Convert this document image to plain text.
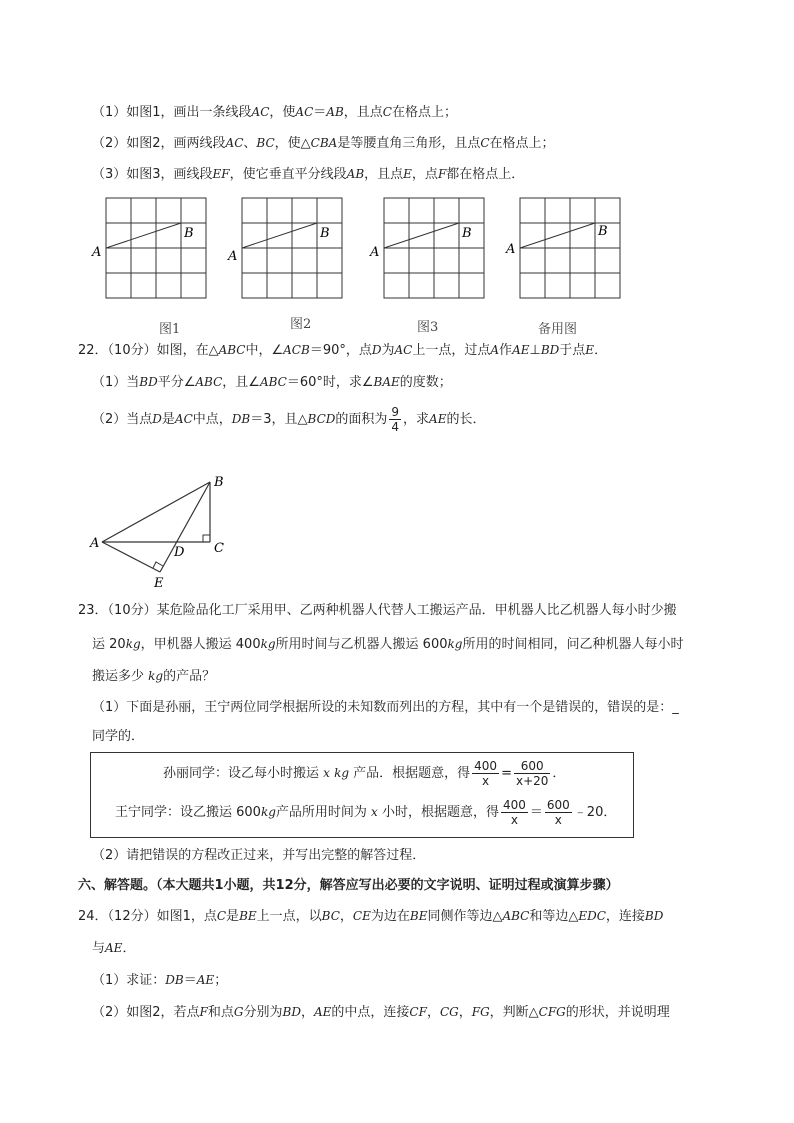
（1）如图1，画出一条线段AC，使AC＝AB，且点C在格点上；
（2）如图2，画两线段AC、BC，使△CBA是等腰直角三角形，且点C在格点上；
（3）如图3，画线段EF，使它垂直平分线段AB，且点E，点F都在格点上．
A
B
图1
A
B
图2
A
B
图3
A
B
备用图
22．（10分）如图，在△ABC中，∠ACB＝90°，点D为AC上一点，过点A作AE⊥BD于点E．
（1）当BD平分∠ABC，且∠ABC＝60°时，求∠BAE的度数；
（2）当点D是AC中点，DB＝3，且△BCD的面积为 $\frac{9}{4}$ ，求AE的长．
A
B
C
D
E
23．（10分）某危险品化工厂采用甲、乙两种机器人代替人工搬运产品．甲机器人比乙机器人每小时少搬
运 20kg，甲机器人搬运 400kg所用时间与乙机器人搬运 600kg所用的时间相同，问乙种机器人每小时
搬运多少 kg的产品？
（1）下面是孙丽，王宁两位同学根据所设的未知数而列出的方程，其中有一个是错误的，错误的是：_
同学的．
孙丽同学：设乙每小时搬运 x kg 产品．根据题意，得 $\frac{400}{x} = \frac{600}{x+20}$ ．
王宁同学：设乙搬运 600kg产品所用时间为 x 小时，根据题意，得 $\frac{400}{x} = \frac{600}{x}$ ﹣20．
（2）请把错误的方程改正过来，并写出完整的解答过程．
六、解答题。（本大题共1小题，共12分，解答应写出必要的文字说明、证明过程或演算步骤）
24．（12分）如图1，点C是BE上一点，以BC，CE为边在BE同侧作等边△ABC和等边△EDC，连接BD
与AE．
（1）求证：DB＝AE；
（2）如图2，若点F和点G分别为BD，AE的中点，连接CF，CG，FG，判断△CFG的形状，并说明理
